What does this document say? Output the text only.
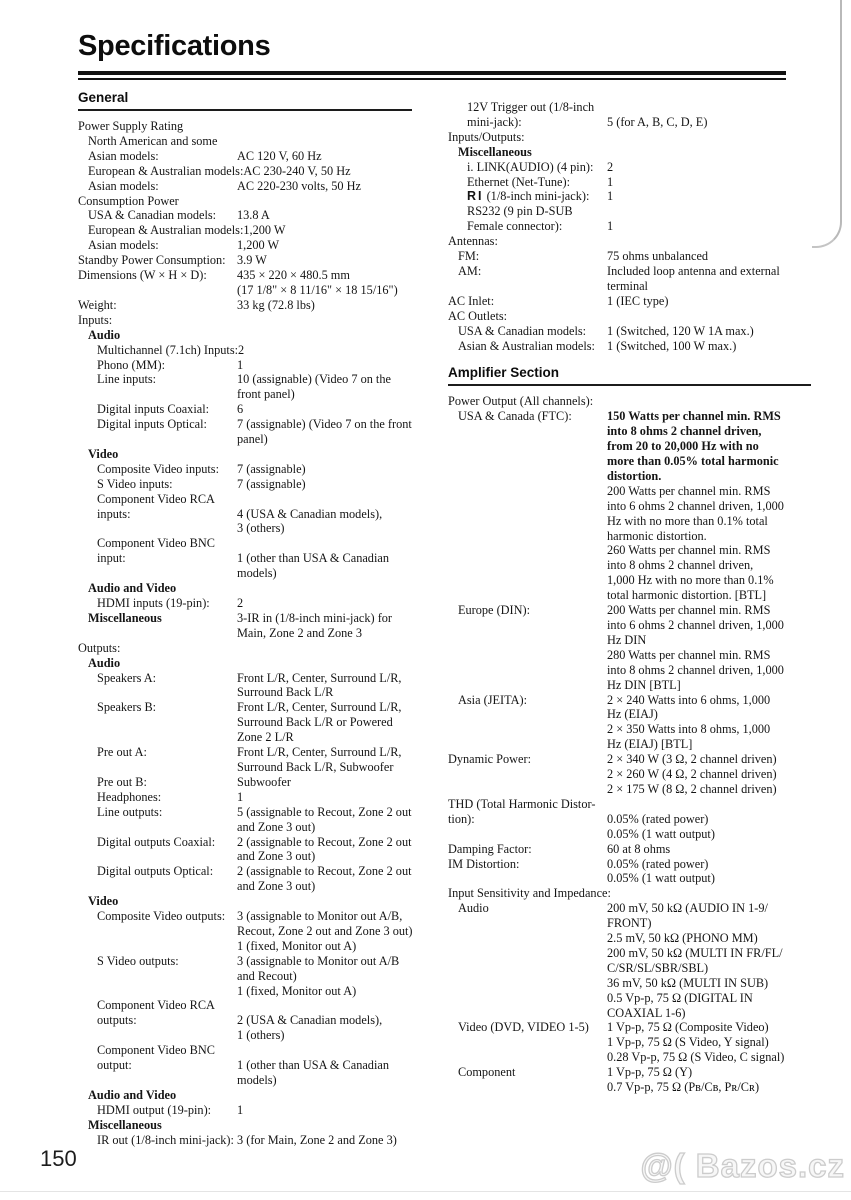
Specifications
General
Power Supply Rating
North American and some
Asian models:	AC 120 V, 60 Hz
European & Australian models: AC 230-240 V, 50 Hz
Asian models:	AC 220-230 volts, 50 Hz
Consumption Power
USA & Canadian models:	13.8 A
European & Australian models: 1,200 W
Asian models:	1,200 W
Standby Power Consumption: 3.9 W
Dimensions (W × H × D):	435 × 220 × 480.5 mm
(17 1/8" × 8 11/16" × 18 15/16")
Weight:	33 kg (72.8 lbs)
Inputs:
Audio
Multichannel (7.1ch) Inputs: 2
Phono (MM):	1
Line inputs:	10 (assignable) (Video 7 on the
front panel)
Digital inputs Coaxial:	6
Digital inputs Optical:	7 (assignable) (Video 7 on the front
panel)
Video
Composite Video inputs:	7 (assignable)
S Video inputs:	7 (assignable)
Component Video RCA
inputs:	4 (USA & Canadian models),
3 (others)
Component Video BNC
input:	1 (other than USA & Canadian
models)
Audio and Video
HDMI inputs (19-pin):	2
Miscellaneous	3-IR in (1/8-inch mini-jack) for
Main, Zone 2 and Zone 3
Outputs:
Audio
Speakers A:	Front L/R, Center, Surround L/R,
Surround Back L/R
Speakers B:	Front L/R, Center, Surround L/R,
Surround Back L/R or Powered
Zone 2 L/R
Pre out A:	Front L/R, Center, Surround L/R,
Surround Back L/R, Subwoofer
Pre out B:	Subwoofer
Headphones:	1
Line outputs:	5 (assignable to Recout, Zone 2 out
and Zone 3 out)
Digital outputs Coaxial:	2 (assignable to Recout, Zone 2 out
and Zone 3 out)
Digital outputs Optical:	2 (assignable to Recout, Zone 2 out
and Zone 3 out)
Video
Composite Video outputs: 3 (assignable to Monitor out A/B,
Recout, Zone 2 out and Zone 3 out)
1 (fixed, Monitor out A)
S Video outputs:	3 (assignable to Monitor out A/B
and Recout)
1 (fixed, Monitor out A)
Component Video RCA
outputs:	2 (USA & Canadian models),
1 (others)
Component Video BNC
output:	1 (other than USA & Canadian
models)
Audio and Video
HDMI output (19-pin):	1
Miscellaneous
IR out (1/8-inch mini-jack): 3 (for Main, Zone 2 and Zone 3)
12V Trigger out (1/8-inch
mini-jack):	5 (for A, B, C, D, E)
Inputs/Outputs:
Miscellaneous
i. LINK(AUDIO) (4 pin):	2
Ethernet (Net-Tune):	1
RI (1/8-inch mini-jack):	1
RS232 (9 pin D-SUB
Female connector):	1
Antennas:
FM:	75 ohms unbalanced
AM:	Included loop antenna and external
terminal
AC Inlet:	1 (IEC type)
AC Outlets:
USA & Canadian models:	1 (Switched, 120 W 1A max.)
Asian & Australian models: 1 (Switched, 100 W max.)
Amplifier Section
Power Output (All channels):
USA & Canada (FTC):	150 Watts per channel min. RMS
into 8 ohms 2 channel driven,
from 20 to 20,000 Hz with no
more than 0.05% total harmonic
distortion.
200 Watts per channel min. RMS
into 6 ohms 2 channel driven, 1,000
Hz with no more than 0.1% total
harmonic distortion.
260 Watts per channel min. RMS
into 8 ohms 2 channel driven,
1,000 Hz with no more than 0.1%
total harmonic distortion. [BTL]
Europe (DIN):	200 Watts per channel min. RMS
into 6 ohms 2 channel driven, 1,000
Hz DIN
280 Watts per channel min. RMS
into 8 ohms 2 channel driven, 1,000
Hz DIN [BTL]
Asia (JEITA):	2 × 240 Watts into 6 ohms, 1,000
Hz (EIAJ)
2 × 350 Watts into 8 ohms, 1,000
Hz (EIAJ) [BTL]
Dynamic Power:	2 × 340 W (3 Ω, 2 channel driven)
2 × 260 W (4 Ω, 2 channel driven)
2 × 175 W (8 Ω, 2 channel driven)
THD (Total Harmonic Distor-
tion):	0.05% (rated power)
0.05% (1 watt output)
Damping Factor:	60 at 8 ohms
IM Distortion:	0.05% (rated power)
0.05% (1 watt output)
Input Sensitivity and Impedance:
Audio	200 mV, 50 kΩ (AUDIO IN 1-9/
FRONT)
2.5 mV, 50 kΩ (PHONO MM)
200 mV, 50 kΩ (MULTI IN FR/FL/
C/SR/SL/SBR/SBL)
36 mV, 50 kΩ (MULTI IN SUB)
0.5 Vp-p, 75 Ω (DIGITAL IN
COAXIAL 1-6)
Video (DVD, VIDEO 1-5)	1 Vp-p, 75 Ω (Composite Video)
1 Vp-p, 75 Ω (S Video, Y signal)
0.28 Vp-p, 75 Ω (S Video, C signal)
Component	1 Vp-p, 75 Ω (Y)
0.7 Vp-p, 75 Ω (Pʙ/Cʙ, Pʀ/Cʀ)
150	@( Bazos.cz
